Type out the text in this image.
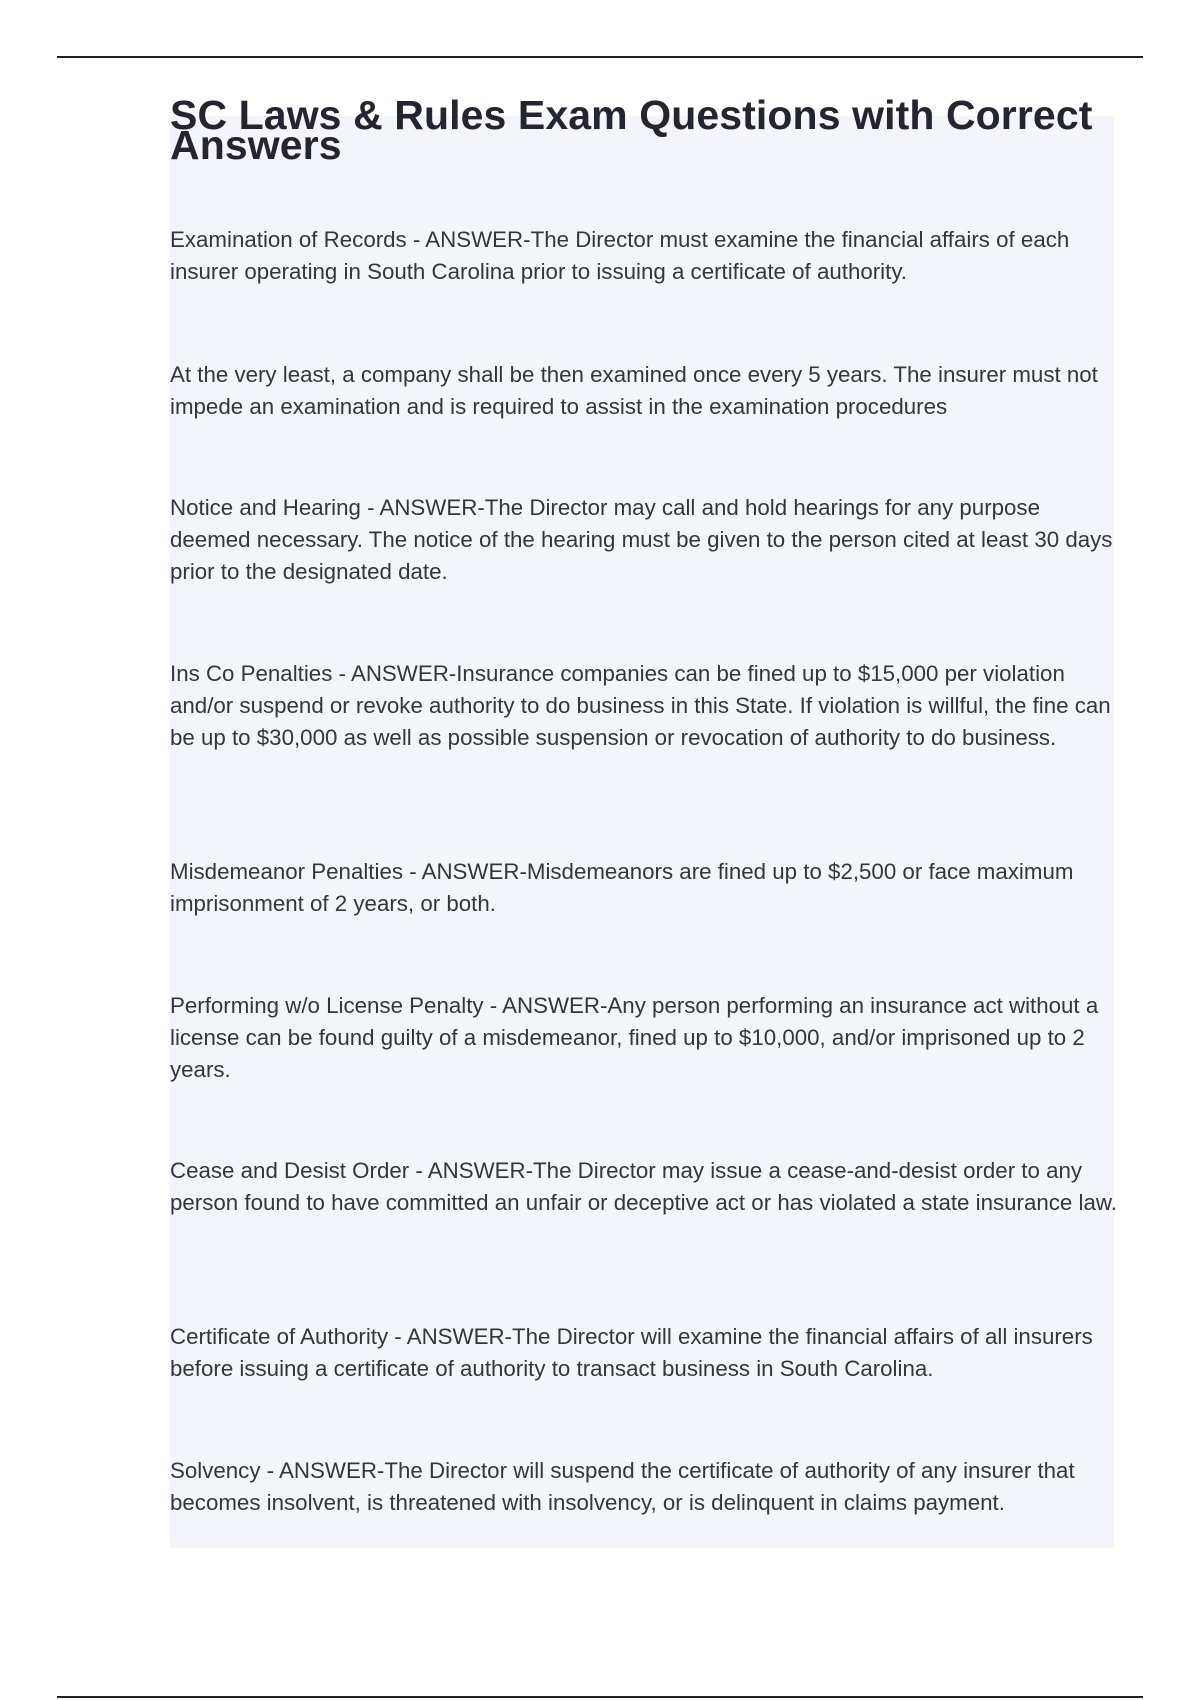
SC Laws & Rules Exam Questions with Correct Answers

Examination of Records - ANSWER-The Director must examine the financial affairs of each insurer operating in South Carolina prior to issuing a certificate of authority.

At the very least, a company shall be then examined once every 5 years. The insurer must not impede an examination and is required to assist in the examination procedures

Notice and Hearing - ANSWER-The Director may call and hold hearings for any purpose deemed necessary. The notice of the hearing must be given to the person cited at least 30 days prior to the designated date.

Ins Co Penalties - ANSWER-Insurance companies can be fined up to $15,000 per violation and/or suspend or revoke authority to do business in this State. If violation is willful, the fine can be up to $30,000 as well as possible suspension or revocation of authority to do business.

Misdemeanor Penalties - ANSWER-Misdemeanors are fined up to $2,500 or face maximum imprisonment of 2 years, or both.

Performing w/o License Penalty - ANSWER-Any person performing an insurance act without a license can be found guilty of a misdemeanor, fined up to $10,000, and/or imprisoned up to 2 years.

Cease and Desist Order - ANSWER-The Director may issue a cease-and-desist order to any person found to have committed an unfair or deceptive act or has violated a state insurance law.

Certificate of Authority - ANSWER-The Director will examine the financial affairs of all insurers before issuing a certificate of authority to transact business in South Carolina.

Solvency - ANSWER-The Director will suspend the certificate of authority of any insurer that becomes insolvent, is threatened with insolvency, or is delinquent in claims payment.
